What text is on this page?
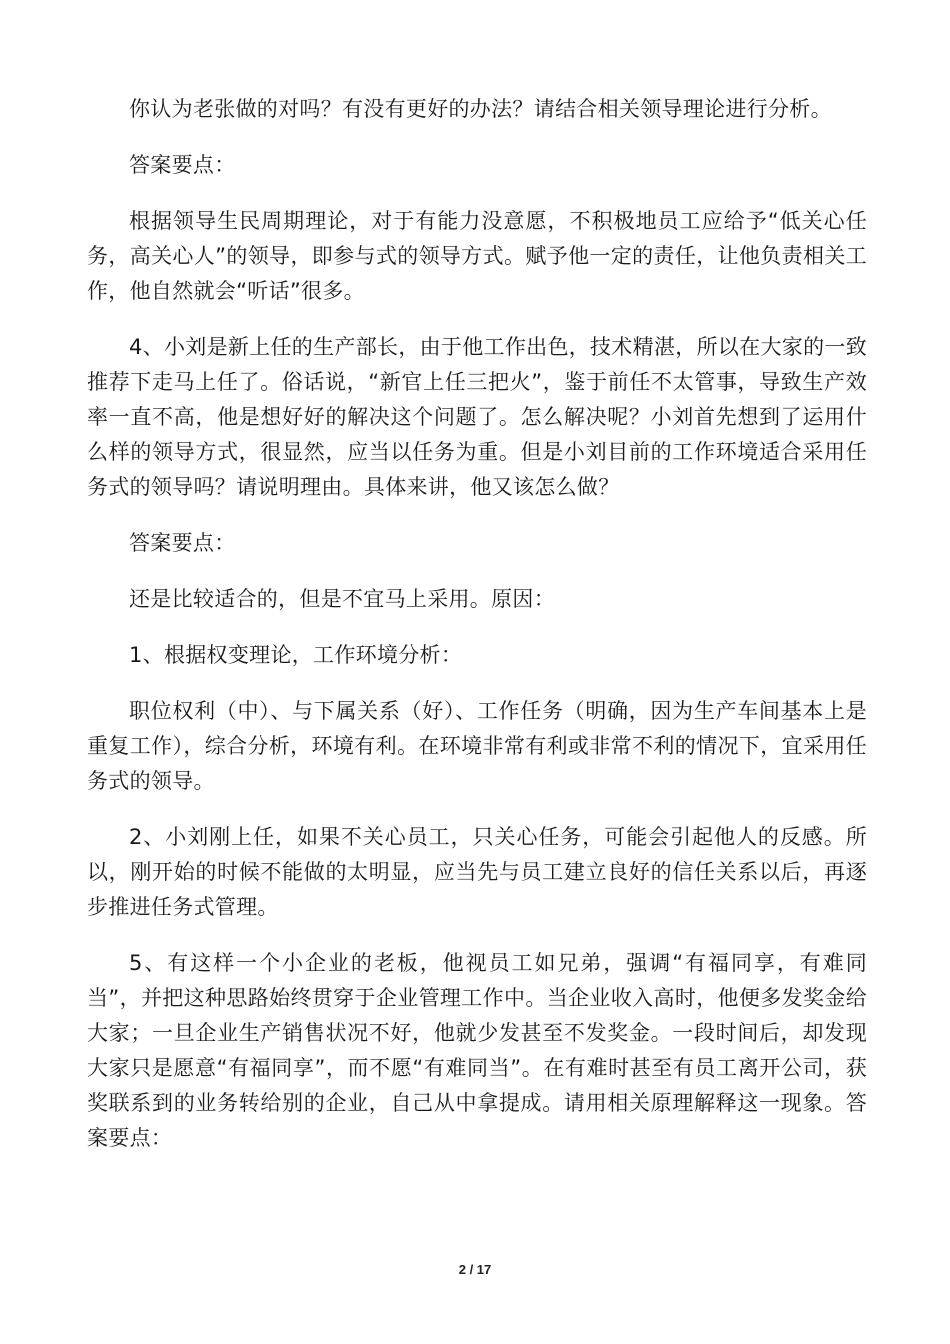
你认为老张做的对吗？有没有更好的办法？请结合相关领导理论进行分析。

答案要点：

根据领导生民周期理论，对于有能力没意愿，不积极地员工应给予“低关心任务，高关心人”的领导，即参与式的领导方式。赋予他一定的责任，让他负责相关工作，他自然就会“听话”很多。

4、小刘是新上任的生产部长，由于他工作出色，技术精湛，所以在大家的一致推荐下走马上任了。俗话说，“新官上任三把火”，鉴于前任不太管事，导致生产效率一直不高，他是想好好的解决这个问题了。怎么解决呢？小刘首先想到了运用什么样的领导方式，很显然，应当以任务为重。但是小刘目前的工作环境适合采用任务式的领导吗？请说明理由。具体来讲，他又该怎么做？

答案要点：

还是比较适合的，但是不宜马上采用。原因：

1、根据权变理论，工作环境分析：

职位权利（中）、与下属关系（好）、工作任务（明确，因为生产车间基本上是重复工作），综合分析，环境有利。在环境非常有利或非常不利的情况下，宜采用任务式的领导。

2、小刘刚上任，如果不关心员工，只关心任务，可能会引起他人的反感。所以，刚开始的时候不能做的太明显，应当先与员工建立良好的信任关系以后，再逐步推进任务式管理。

5、有这样一个小企业的老板，他视员工如兄弟，强调“有福同享，有难同当”，并把这种思路始终贯穿于企业管理工作中。当企业收入高时，他便多发奖金给大家；一旦企业生产销售状况不好，他就少发甚至不发奖金。一段时间后，却发现大家只是愿意“有福同享”，而不愿“有难同当”。在有难时甚至有员工离开公司，获奖联系到的业务转给别的企业，自己从中拿提成。请用相关原理解释这一现象。答案要点：

2 / 17
